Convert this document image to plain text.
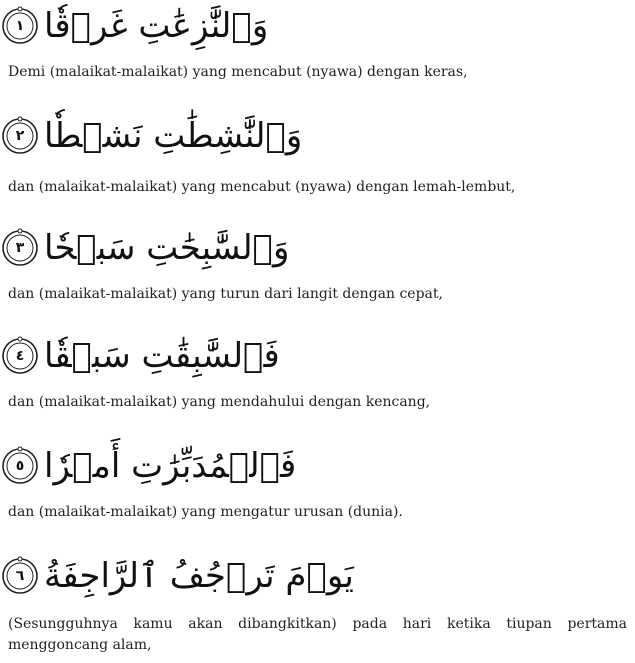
وَٱلنَّٰزِعَٰتِ غَرۡقٗا
١

Demi (malaikat-malaikat) yang mencabut (nyawa) dengan keras,

وَٱلنَّٰشِطَٰتِ نَشۡطٗا
٢

dan (malaikat-malaikat) yang mencabut (nyawa) dengan lemah-lembut,

وَٱلسَّٰبِحَٰتِ سَبۡحٗا
٣

dan (malaikat-malaikat) yang turun dari langit dengan cepat,

فَٱلسَّٰبِقَٰتِ سَبۡقٗا
٤

dan (malaikat-malaikat) yang mendahului dengan kencang,

فَٱلۡمُدَبِّرَٰتِ أَمۡرٗا
٥

dan (malaikat-malaikat) yang mengatur urusan (dunia).

يَوۡمَ تَرۡجُفُ ٱلرَّاجِفَةُ
٦

(Sesungguhnya kamu akan dibangkitkan) pada hari ketika tiupan pertama menggoncang alam,
